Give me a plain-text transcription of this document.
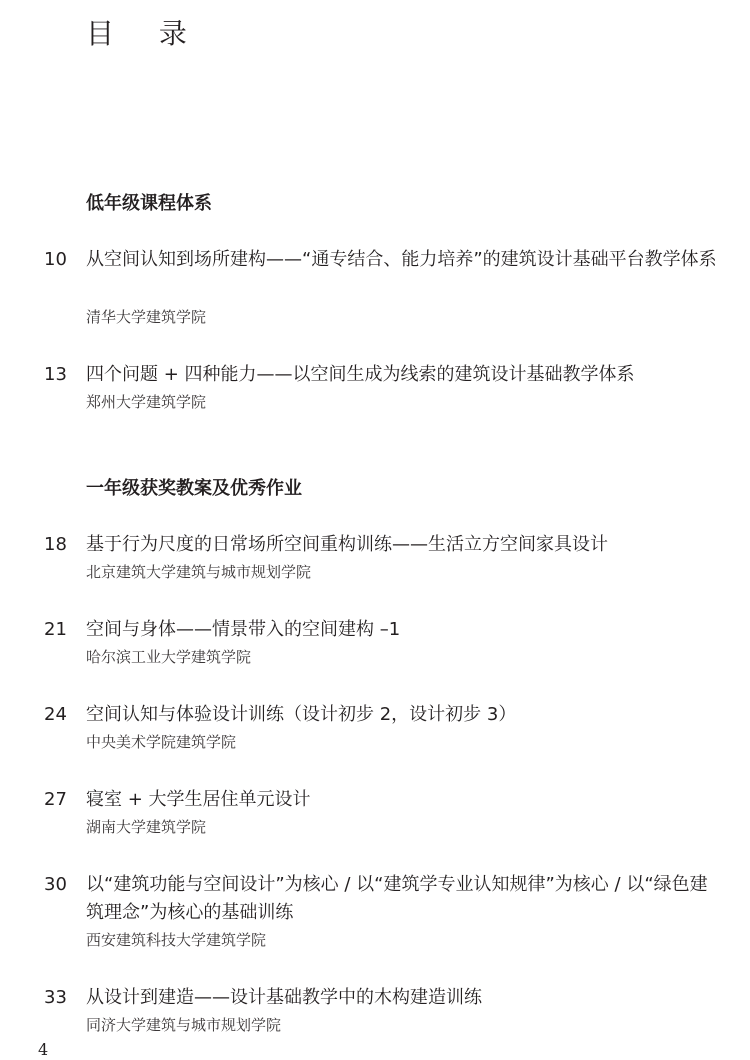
目 录
低年级课程体系
10	从空间认知到场所建构——“通专结合、能力培养”的建筑设计基础平台教学体系
清华大学建筑学院
13	四个问题 + 四种能力——以空间生成为线索的建筑设计基础教学体系
郑州大学建筑学院
一年级获奖教案及优秀作业
18	基于行为尺度的日常场所空间重构训练——生活立方空间家具设计
北京建筑大学建筑与城市规划学院
21	空间与身体——情景带入的空间建构 –1
哈尔滨工业大学建筑学院
24	空间认知与体验设计训练（设计初步 2，设计初步 3）
中央美术学院建筑学院
27	寝室 + 大学生居住单元设计
湖南大学建筑学院
30	以“建筑功能与空间设计”为核心 / 以“建筑学专业认知规律”为核心 / 以“绿色建筑理念”为核心的基础训练
西安建筑科技大学建筑学院
33	从设计到建造——设计基础教学中的木构建造训练
同济大学建筑与城市规划学院
4
